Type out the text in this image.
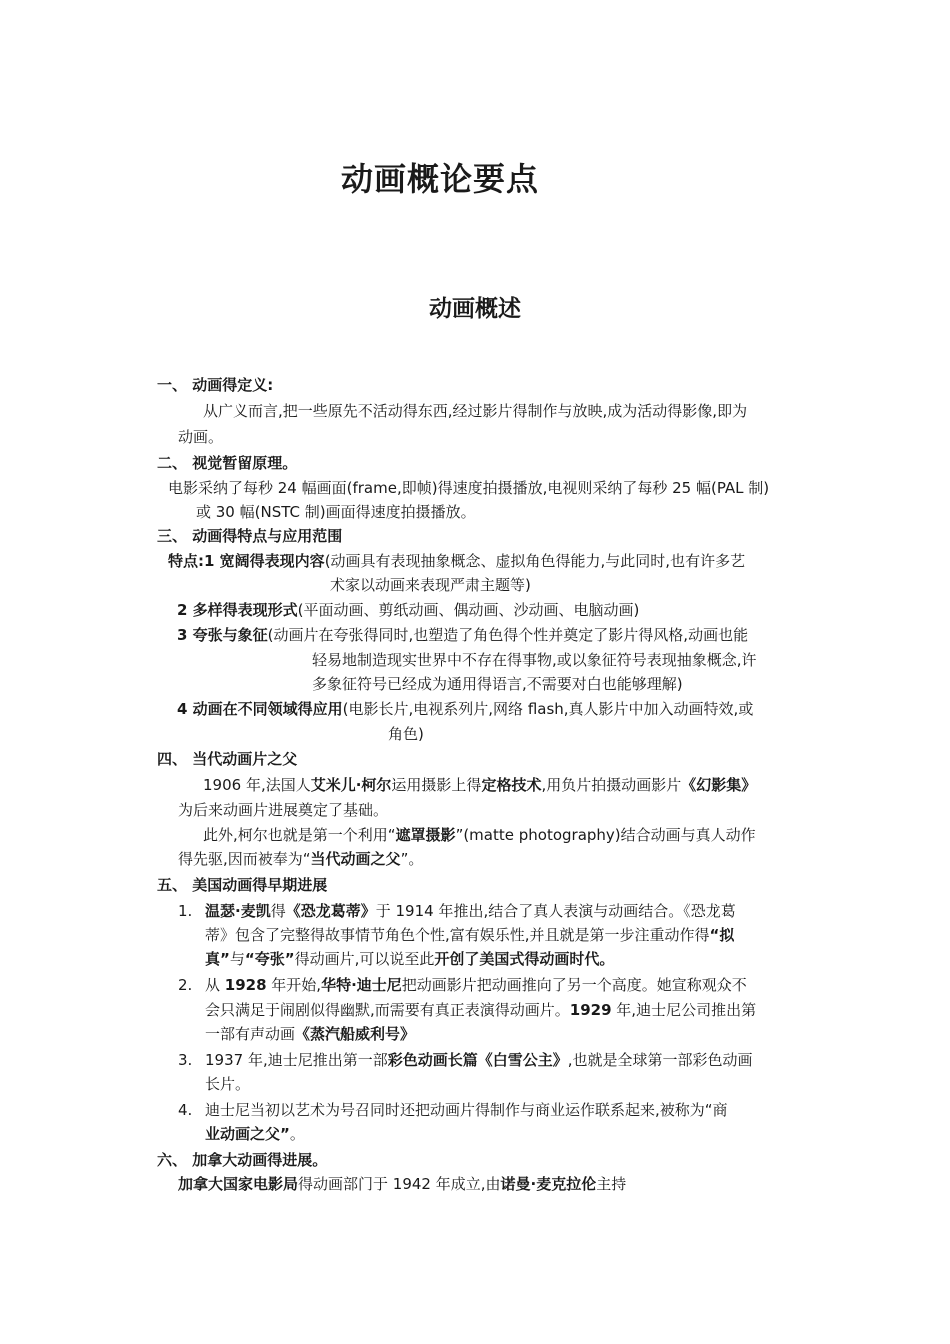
动画概论要点
动画概述
一、 动画得定义:
从广义而言,把一些原先不活动得东西,经过影片得制作与放映,成为活动得影像,即为
动画。
二、 视觉暂留原理。
电影采纳了每秒 24 幅画面(frame,即帧)得速度拍摄播放,电视则采纳了每秒 25 幅(PAL 制)
或 30 幅(NSTC 制)画面得速度拍摄播放。
三、 动画得特点与应用范围
特点:1 宽阔得表现内容(动画具有表现抽象概念、虚拟角色得能力,与此同时,也有许多艺
术家以动画来表现严肃主题等)
2 多样得表现形式(平面动画、剪纸动画、偶动画、沙动画、电脑动画)
3 夸张与象征(动画片在夸张得同时,也塑造了角色得个性并奠定了影片得风格,动画也能
轻易地制造现实世界中不存在得事物,或以象征符号表现抽象概念,许
多象征符号已经成为通用得语言,不需要对白也能够理解)
4 动画在不同领域得应用(电影长片,电视系列片,网络 flash,真人影片中加入动画特效,或
角色)
四、 当代动画片之父
1906 年,法国人艾米儿·柯尔运用摄影上得定格技术,用负片拍摄动画影片《幻影集》
为后来动画片进展奠定了基础。
此外,柯尔也就是第一个利用“遮罩摄影”(matte photography)结合动画与真人动作
得先驱,因而被奉为“当代动画之父”。
五、 美国动画得早期进展
1. 温瑟·麦凯得《恐龙葛蒂》于 1914 年推出,结合了真人表演与动画结合。《恐龙葛
蒂》包含了完整得故事情节角色个性,富有娱乐性,并且就是第一步注重动作得“拟
真”与“夸张”得动画片,可以说至此开创了美国式得动画时代。
2. 从 1928 年开始,华特·迪士尼把动画影片把动画推向了另一个高度。她宣称观众不
会只满足于闹剧似得幽默,而需要有真正表演得动画片。1929 年,迪士尼公司推出第
一部有声动画《蒸汽船威利号》
3. 1937 年,迪士尼推出第一部彩色动画长篇《白雪公主》,也就是全球第一部彩色动画
长片。
4. 迪士尼当初以艺术为号召同时还把动画片得制作与商业运作联系起来,被称为“商
业动画之父”。
六、 加拿大动画得进展。
加拿大国家电影局得动画部门于 1942 年成立,由诺曼·麦克拉伦主持
